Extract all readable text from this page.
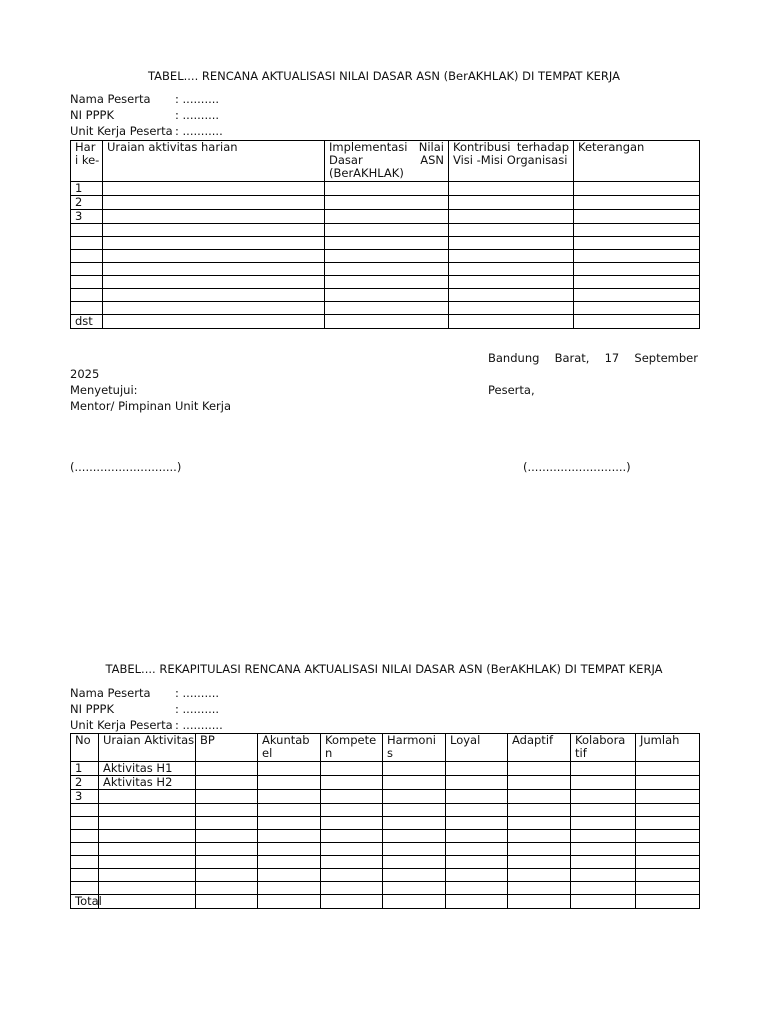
TABEL.... RENCANA AKTUALISASI NILAI DASAR ASN (BerAKHLAK) DI TEMPAT KERJA
Nama Peserta : ..........
NI PPPK	: ..........
Unit Kerja Peserta : ...........
Har i ke-	Uraian aktivitas harian	Implementasi Nilai Dasar ASN (BerAKHLAK)	Kontribusi terhadap Visi -Misi Organisasi	Keterangan
1				
2				
3				

dst				
Bandung Barat, 17 September
2025
Menyetujui:	Peserta,
Mentor/ Pimpinan Unit Kerja
(............................)	(...........................)
TABEL.... REKAPITULASI RENCANA AKTUALISASI NILAI DASAR ASN (BerAKHLAK) DI TEMPAT KERJA
Nama Peserta : ..........
NI PPPK	: ..........
Unit Kerja Peserta : ...........
No	Uraian Aktivitas	BP	Akuntab el	Kompete n	Harmoni s	Loyal	Adaptif	Kolabora tif	Jumlah
1	Aktivitas H1								
2	Aktivitas H2								
3									

Total									
